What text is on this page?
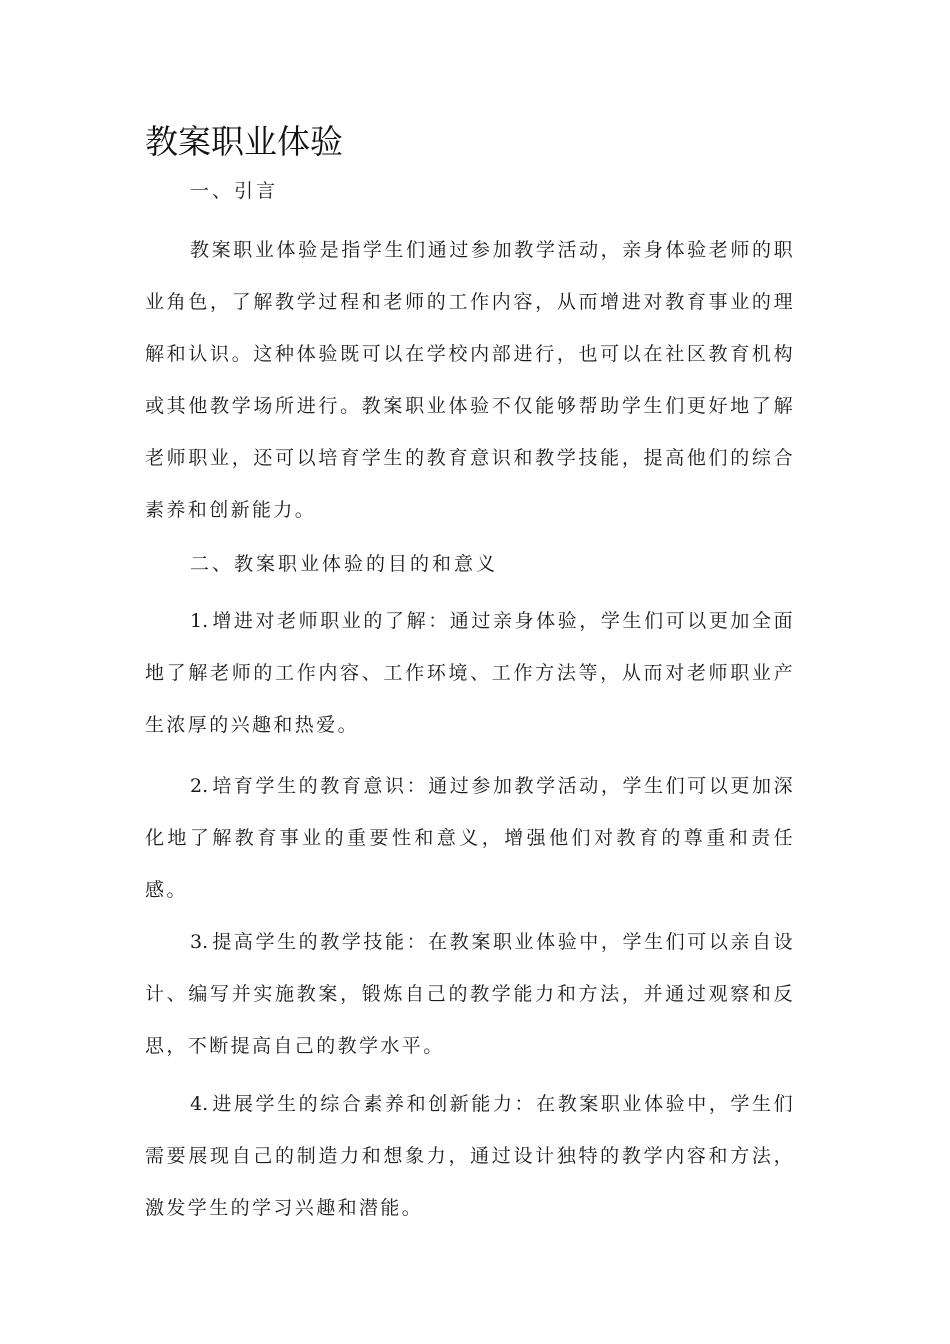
教案职业体验

一、引言

教案职业体验是指学生们通过参加教学活动，亲身体验老师的职业角色，了解教学过程和老师的工作内容，从而增进对教育事业的理解和认识。这种体验既可以在学校内部进行，也可以在社区教育机构或其他教学场所进行。教案职业体验不仅能够帮助学生们更好地了解老师职业，还可以培育学生的教育意识和教学技能，提高他们的综合素养和创新能力。

二、教案职业体验的目的和意义

1. 增进对老师职业的了解：通过亲身体验，学生们可以更加全面地了解老师的工作内容、工作环境、工作方法等，从而对老师职业产生浓厚的兴趣和热爱。

2. 培育学生的教育意识：通过参加教学活动，学生们可以更加深化地了解教育事业的重要性和意义，增强他们对教育的尊重和责任感。

3. 提高学生的教学技能：在教案职业体验中，学生们可以亲自设计、编写并实施教案，锻炼自己的教学能力和方法，并通过观察和反思，不断提高自己的教学水平。

4. 进展学生的综合素养和创新能力：在教案职业体验中，学生们需要展现自己的制造力和想象力，通过设计独特的教学内容和方法，激发学生的学习兴趣和潜能。
